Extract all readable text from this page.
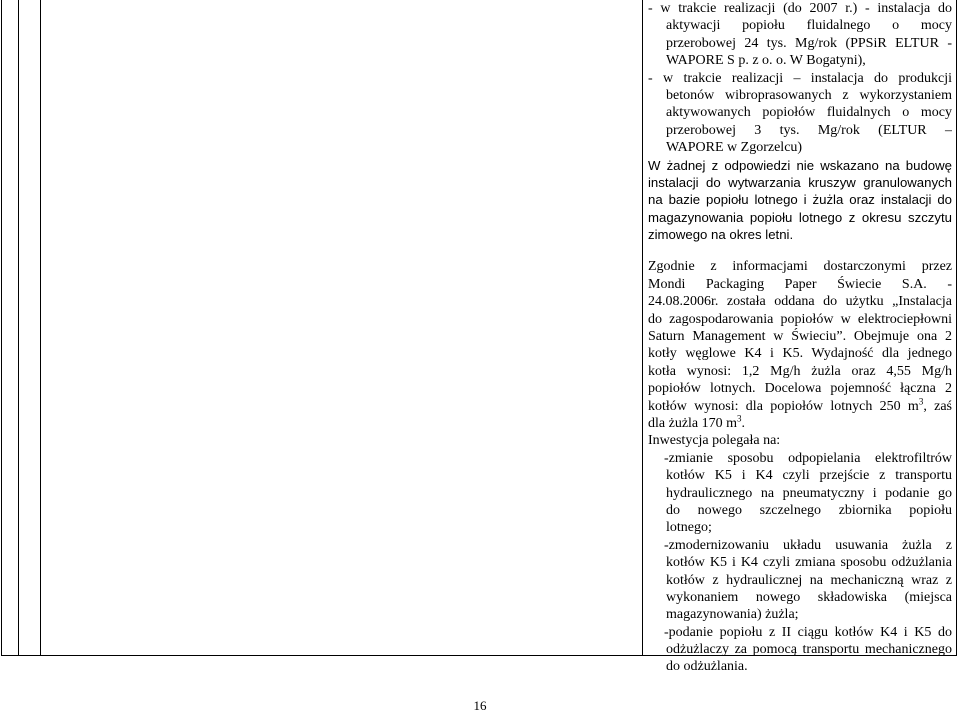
- w trakcie realizacji (do 2007 r.) - instalacja do
aktywacji popiołu fluidalnego o mocy
przerobowej 24 tys. Mg/rok (PPSiR ELTUR -
WAPORE S p. z o. o. W Bogatyni),
- w trakcie realizacji – instalacja do produkcji
betonów wibroprasowanych z wykorzystaniem
aktywowanych popiołów fluidalnych o mocy
przerobowej 3 tys. Mg/rok (ELTUR –
WAPORE w Zgorzelcu)
W żadnej z odpowiedzi nie wskazano na budowę
instalacji do wytwarzania kruszyw granulowanych
na bazie popiołu lotnego i żużla oraz instalacji do
magazynowania popiołu lotnego z okresu szczytu
zimowego na okres letni.
Zgodnie z informacjami dostarczonymi przez
Mondi Packaging Paper Świecie S.A. -
24.08.2006r. została oddana do użytku „Instalacja
do zagospodarowania popiołów w elektrociepłowni
Saturn Management w Świeciu”. Obejmuje ona 2
kotły węglowe K4 i K5. Wydajność dla jednego
kotła wynosi: 1,2 Mg/h żużla oraz 4,55 Mg/h
popiołów lotnych. Docelowa pojemność łączna 2
kotłów wynosi: dla popiołów lotnych 250 $m^3$, zaś
dla żużla 170 $m^3$.
Inwestycja polegała na:
-zmianie sposobu odpopielania elektrofiltrów
kotłów K5 i K4 czyli przejście z transportu
hydraulicznego na pneumatyczny i podanie go
do nowego szczelnego zbiornika popiołu
lotnego;
-zmodernizowaniu układu usuwania żużla z
kotłów K5 i K4 czyli zmiana sposobu odżużlania
kotłów z hydraulicznej na mechaniczną wraz z
wykonaniem nowego składowiska (miejsca
magazynowania) żużla;
-podanie popiołu z II ciągu kotłów K4 i K5 do
odżużlaczy za pomocą transportu mechanicznego
do odżużlania.
16
